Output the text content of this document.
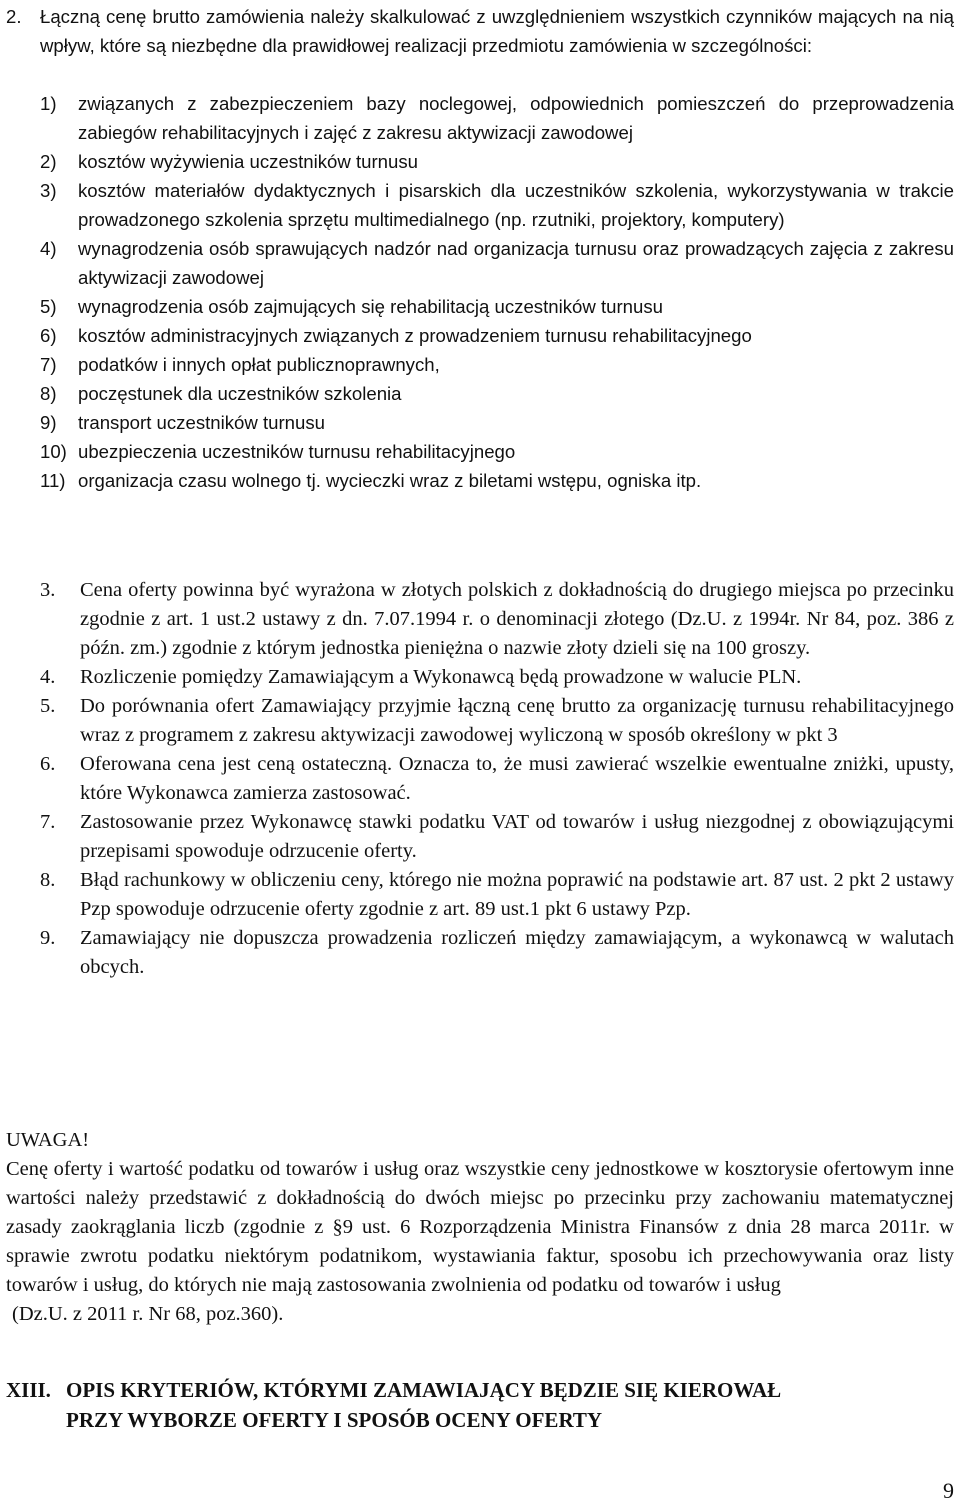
2. Łączną cenę brutto zamówienia należy skalkulować z uwzględnieniem wszystkich czynników mających na nią wpływ, które są niezbędne dla prawidłowej realizacji przedmiotu zamówienia w szczególności:
1)	związanych z zabezpieczeniem bazy noclegowej, odpowiednich pomieszczeń do przeprowadzenia zabiegów rehabilitacyjnych i zajęć z zakresu aktywizacji zawodowej
2)	kosztów wyżywienia uczestników turnusu
3)	kosztów materiałów dydaktycznych i pisarskich dla uczestników szkolenia, wykorzystywania w trakcie prowadzonego szkolenia sprzętu multimedialnego (np. rzutniki, projektory, komputery)
4)	wynagrodzenia osób sprawujących nadzór nad organizacja turnusu oraz prowadzących zajęcia z zakresu aktywizacji zawodowej
5)	wynagrodzenia osób zajmujących się rehabilitacją uczestników turnusu
6)	kosztów administracyjnych związanych z prowadzeniem turnusu rehabilitacyjnego
7)	podatków i innych opłat publicznoprawnych,
8)	poczęstunek dla uczestników szkolenia
9)	transport uczestników turnusu
10) ubezpieczenia uczestników turnusu rehabilitacyjnego
11) organizacja czasu wolnego tj. wycieczki wraz z biletami wstępu, ogniska itp.
3.	Cena oferty powinna być wyrażona w złotych polskich z dokładnością do drugiego miejsca po przecinku zgodnie z art. 1 ust.2 ustawy z dn. 7.07.1994 r. o denominacji złotego (Dz.U. z 1994r. Nr 84, poz. 386 z późn. zm.) zgodnie z którym jednostka pieniężna o nazwie złoty dzieli się na 100 groszy.
4.	Rozliczenie pomiędzy Zamawiającym a Wykonawcą będą prowadzone w walucie PLN.
5.	Do porównania ofert Zamawiający przyjmie łączną cenę brutto za organizację turnusu rehabilitacyjnego wraz z programem z zakresu aktywizacji zawodowej wyliczoną w sposób określony w pkt 3
6.	Oferowana cena jest ceną ostateczną. Oznacza to, że musi zawierać wszelkie ewentualne zniżki, upusty, które Wykonawca zamierza zastosować.
7.	Zastosowanie przez Wykonawcę stawki podatku VAT od towarów i usług niezgodnej z obowiązującymi przepisami spowoduje odrzucenie oferty.
8.	Błąd rachunkowy w obliczeniu ceny, którego nie można poprawić na podstawie art. 87 ust. 2 pkt 2 ustawy Pzp spowoduje odrzucenie oferty zgodnie z art. 89 ust.1 pkt 6 ustawy Pzp.
9.	Zamawiający nie dopuszcza prowadzenia rozliczeń między zamawiającym, a wykonawcą w walutach obcych.

UWAGA!

Cenę oferty i wartość podatku od towarów i usług oraz wszystkie ceny jednostkowe w kosztorysie ofertowym inne wartości należy przedstawić z dokładnością do dwóch miejsc po przecinku przy zachowaniu matematycznej zasady zaokrąglania liczb (zgodnie z §9 ust. 6 Rozporządzenia Ministra Finansów z dnia 28 marca 2011r. w sprawie zwrotu podatku niektórym podatnikom, wystawiania faktur, sposobu ich przechowywania oraz listy towarów i usług, do których nie mają zastosowania zwolnienia od podatku od towarów i usług

(Dz.U. z 2011 r. Nr 68, poz.360).

XIII. OPIS KRYTERIÓW, KTÓRYMI ZAMAWIAJĄCY BĘDZIE SIĘ KIEROWAŁ
PRZY WYBORZE OFERTY I SPOSÓB OCENY OFERTY
9
